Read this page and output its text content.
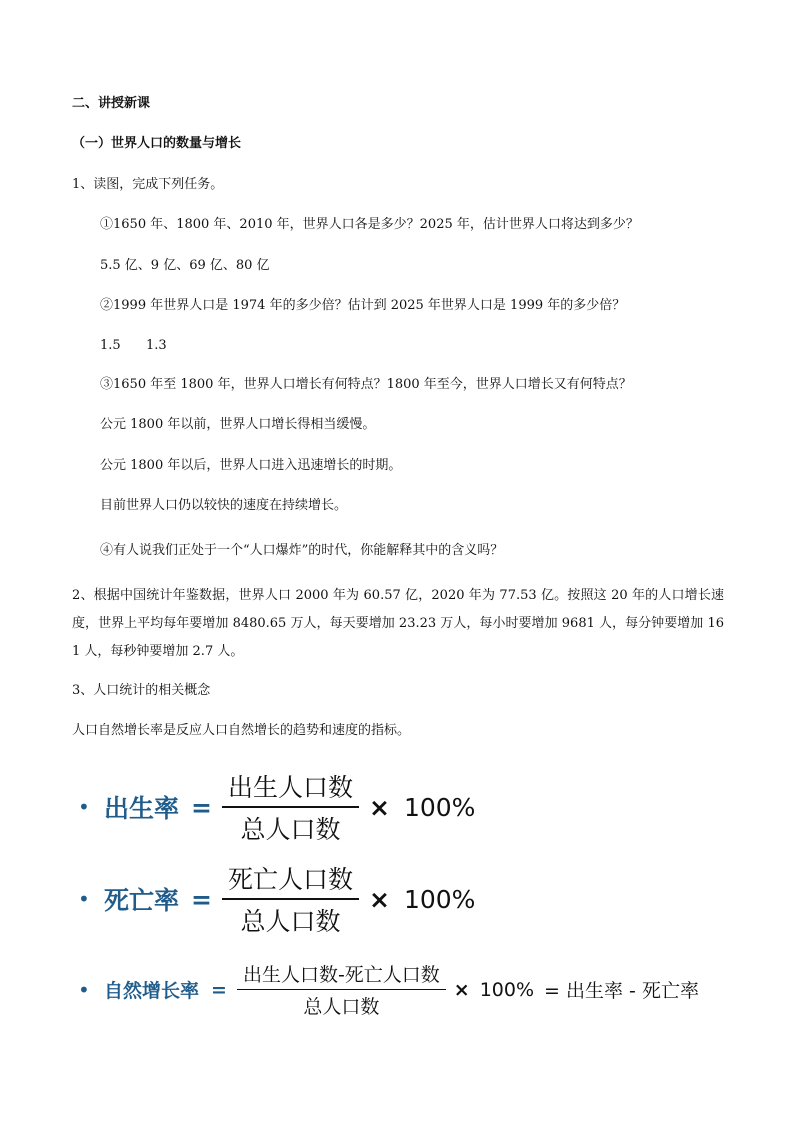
二、讲授新课
（一）世界人口的数量与增长
1、读图，完成下列任务。
①1650 年、1800 年、2010 年，世界人口各是多少？2025 年，估计世界人口将达到多少？
5.5 亿、9 亿、69 亿、80 亿
②1999 年世界人口是 1974 年的多少倍？估计到 2025 年世界人口是 1999 年的多少倍？
1.5 1.3
③1650 年至 1800 年，世界人口增长有何特点？1800 年至今，世界人口增长又有何特点？
公元 1800 年以前，世界人口增长得相当缓慢。
公元 1800 年以后，世界人口进入迅速增长的时期。
目前世界人口仍以较快的速度在持续增长。
④有人说我们正处于一个“人口爆炸”的时代，你能解释其中的含义吗？
2、根据中国统计年鉴数据，世界人口 2000 年为 60.57 亿，2020 年为 77.53 亿。按照这 20 年的人口增长速度，世界上平均每年要增加 8480.65 万人，每天要增加 23.23 万人，每小时要增加 9681 人，每分钟要增加 161 人，每秒钟要增加 2.7 人。
3、人口统计的相关概念
人口自然增长率是反应人口自然增长的趋势和速度的指标。
• 出生率 = $\frac{\text{出生人口数}}{\text{总人口数}} \times 100\%$
• 死亡率 = $\frac{\text{死亡人口数}}{\text{总人口数}} \times 100\%$
• 自然增长率 = $\frac{\text{出生人口数-死亡人口数}}{\text{总人口数}} \times 100\%$ = 出生率 - 死亡率
